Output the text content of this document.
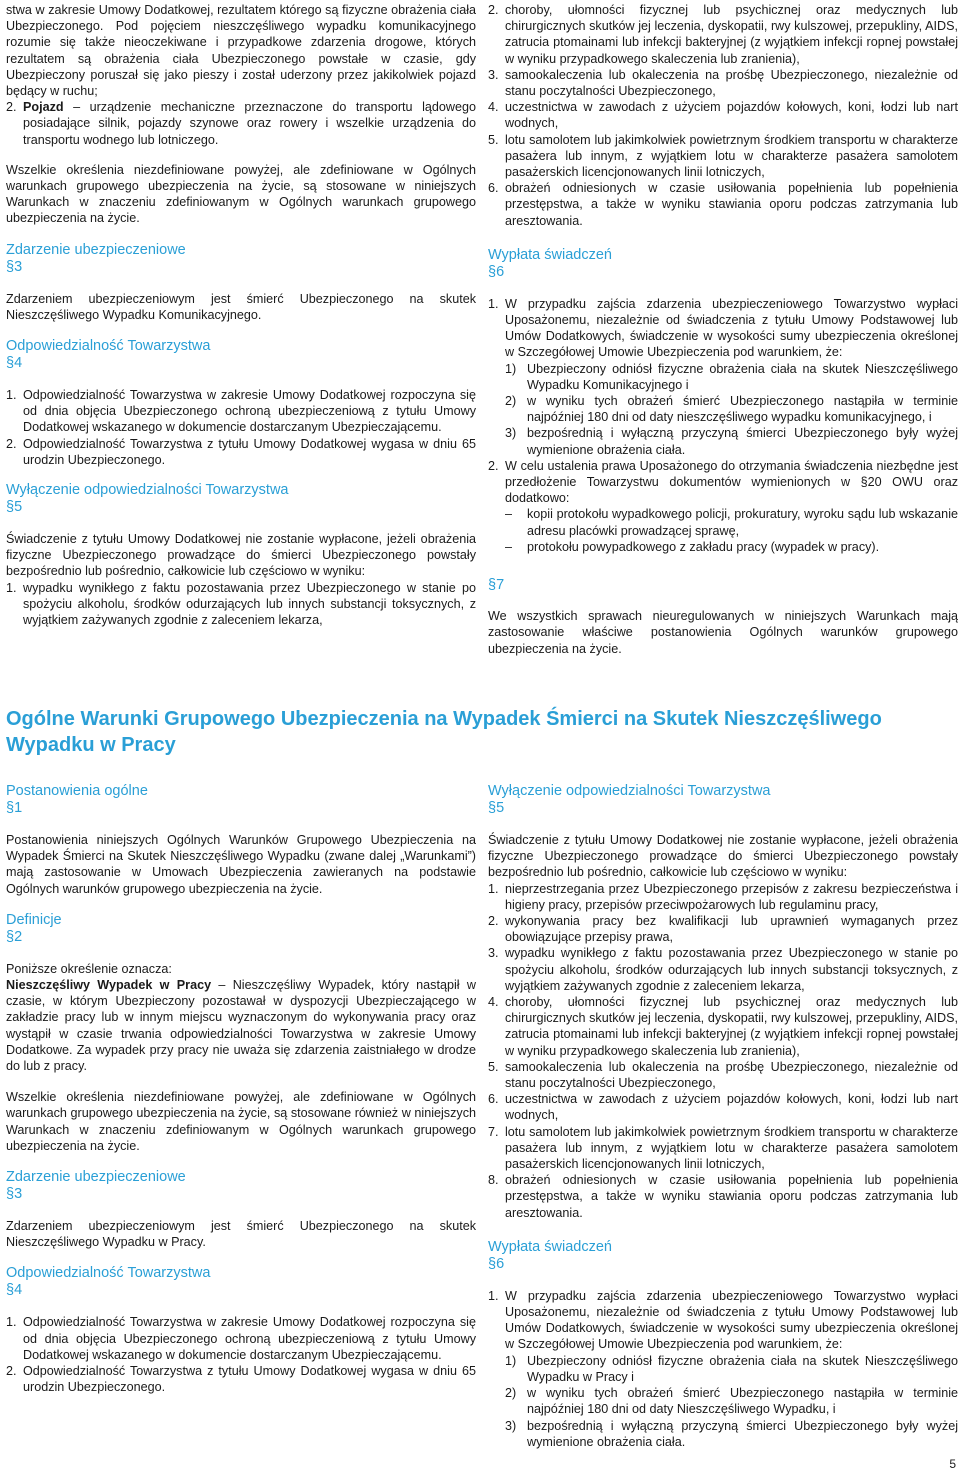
stwa w zakresie Umowy Dodatkowej, rezultatem którego są fizyczne obrażenia ciała Ubezpieczonego. Pod pojęciem nieszczęśliwego wypadku komunikacyjnego rozumie się także nieoczekiwane i przypadkowe zdarzenia drogowe, których rezultatem są obrażenia ciała Ubezpieczonego powstałe w czasie, gdy Ubezpieczony poruszał się jako pieszy i został uderzony przez jakikolwiek pojazd będący w ruchu;

2. Pojazd – urządzenie mechaniczne przeznaczone do transportu lądowego posiadające silnik, pojazdy szynowe oraz rowery i wszelkie urządzenia do transportu wodnego lub lotniczego.

Wszelkie określenia niezdefiniowane powyżej, ale zdefiniowane w Ogólnych warunkach grupowego ubezpieczenia na życie, są stosowane w niniejszych Warunkach w znaczeniu zdefiniowanym w Ogólnych warunkach grupowego ubezpieczenia na życie.

Zdarzenie ubezpieczeniowe
§3

Zdarzeniem ubezpieczeniowym jest śmierć Ubezpieczonego na skutek Nieszczęśliwego Wypadku Komunikacyjnego.

Odpowiedzialność Towarzystwa
§4
1. Odpowiedzialność Towarzystwa w zakresie Umowy Dodatkowej rozpoczyna się od dnia objęcia Ubezpieczonego ochroną ubezpieczeniową z tytułu Umowy Dodatkowej wskazanego w dokumencie dostarczanym Ubezpieczającemu.
2. Odpowiedzialność Towarzystwa z tytułu Umowy Dodatkowej wygasa w dniu 65 urodzin Ubezpieczonego.
Wyłączenie odpowiedzialności Towarzystwa
§5

Świadczenie z tytułu Umowy Dodatkowej nie zostanie wypłacone, jeżeli obrażenia fizyczne Ubezpieczonego prowadzące do śmierci Ubezpieczonego powstały bezpośrednio lub pośrednio, całkowicie lub częściowo w wyniku:

1. wypadku wynikłego z faktu pozostawania przez Ubezpieczonego w stanie po spożyciu alkoholu, środków odurzających lub innych substancji toksycznych, z wyjątkiem zażywanych zgodnie z zaleceniem lekarza,
2. choroby, ułomności fizycznej lub psychicznej oraz medycznych lub chirurgicznych skutków jej leczenia, dyskopatii, rwy kulszowej, przepukliny, AIDS, zatrucia ptomainami lub infekcji bakteryjnej (z wyjątkiem infekcji ropnej powstałej w wyniku przypadkowego skaleczenia lub zranienia),
3. samookaleczenia lub okaleczenia na prośbę Ubezpieczonego, niezależnie od stanu poczytalności Ubezpieczonego,
4. uczestnictwa w zawodach z użyciem pojazdów kołowych, koni, łodzi lub nart wodnych,
5. lotu samolotem lub jakimkolwiek powietrznym środkiem transportu w charakterze pasażera lub innym, z wyjątkiem lotu w charakterze pasażera samolotem pasażerskich licencjonowanych linii lotniczych,
6. obrażeń odniesionych w czasie usiłowania popełnienia lub popełnienia przestępstwa, a także w wyniku stawiania oporu podczas zatrzymania lub aresztowania.
Wypłata świadczeń
§6
1. W przypadku zajścia zdarzenia ubezpieczeniowego Towarzystwo wypłaci Uposażonemu, niezależnie od świadczenia z tytułu Umowy Podstawowej lub Umów Dodatkowych, świadczenie w wysokości sumy ubezpieczenia określonej w Szczegółowej Umowie Ubezpieczenia pod warunkiem, że:
1) Ubezpieczony odniósł fizyczne obrażenia ciała na skutek Nieszczęśliwego Wypadku Komunikacyjnego i
2) w wyniku tych obrażeń śmierć Ubezpieczonego nastąpiła w terminie najpóźniej 180 dni od daty nieszczęśliwego wypadku komunikacyjnego, i
3) bezpośrednią i wyłączną przyczyną śmierci Ubezpieczonego były wyżej wymienione obrażenia ciała.
2. W celu ustalenia prawa Uposażonego do otrzymania świadczenia niezbędne jest przedłożenie Towarzystwu dokumentów wymienionych w §20 OWU oraz dodatkowo:
– kopii protokołu wypadkowego policji, prokuratury, wyroku sądu lub wskazanie adresu placówki prowadzącej sprawę,
– protokołu powypadkowego z zakładu pracy (wypadek w pracy).
§7

We wszystkich sprawach nieuregulowanych w niniejszych Warunkach mają zastosowanie właściwe postanowienia Ogólnych warunków grupowego ubezpieczenia na życie.

Ogólne Warunki Grupowego Ubezpieczenia na Wypadek Śmierci na Skutek Nieszczęśliwego Wypadku w Pracy
Postanowienia ogólne
§1

Postanowienia niniejszych Ogólnych Warunków Grupowego Ubezpieczenia na Wypadek Śmierci na Skutek Nieszczęśliwego Wypadku (zwane dalej „Warunkami”) mają zastosowanie w Umowach Ubezpieczenia zawieranych na podstawie Ogólnych warunków grupowego ubezpieczenia na życie.

Definicje
§2

Poniższe określenie oznacza:

Nieszczęśliwy Wypadek w Pracy – Nieszczęśliwy Wypadek, który nastąpił w czasie, w którym Ubezpieczony pozostawał w dyspozycji Ubezpieczającego w zakładzie pracy lub w innym miejscu wyznaczonym do wykonywania pracy oraz wystąpił w czasie trwania odpowiedzialności Towarzystwa w zakresie Umowy Dodatkowe. Za wypadek przy pracy nie uważa się zdarzenia zaistniałego w drodze do lub z pracy.

Wszelkie określenia niezdefiniowane powyżej, ale zdefiniowane w Ogólnych warunkach grupowego ubezpieczenia na życie, są stosowane również w niniejszych Warunkach w znaczeniu zdefiniowanym w Ogólnych warunkach grupowego ubezpieczenia na życie.

Zdarzenie ubezpieczeniowe
§3

Zdarzeniem ubezpieczeniowym jest śmierć Ubezpieczonego na skutek Nieszczęśliwego Wypadku w Pracy.

Odpowiedzialność Towarzystwa
§4
1. Odpowiedzialność Towarzystwa w zakresie Umowy Dodatkowej rozpoczyna się od dnia objęcia Ubezpieczonego ochroną ubezpieczeniową z tytułu Umowy Dodatkowej wskazanego w dokumencie dostarczanym Ubezpieczającemu.
2. Odpowiedzialność Towarzystwa z tytułu Umowy Dodatkowej wygasa w dniu 65 urodzin Ubezpieczonego.
Wyłączenie odpowiedzialności Towarzystwa
§5

Świadczenie z tytułu Umowy Dodatkowej nie zostanie wypłacone, jeżeli obrażenia fizyczne Ubezpieczonego prowadzące do śmierci Ubezpieczonego powstały bezpośrednio lub pośrednio, całkowicie lub częściowo w wyniku:

1. nieprzestrzegania przez Ubezpieczonego przepisów z zakresu bezpieczeństwa i higieny pracy, przepisów przeciwpożarowych lub regulaminu pracy,
2. wykonywania pracy bez kwalifikacji lub uprawnień wymaganych przez obowiązujące przepisy prawa,
3. wypadku wynikłego z faktu pozostawania przez Ubezpieczonego w stanie po spożyciu alkoholu, środków odurzających lub innych substancji toksycznych, z wyjątkiem zażywanych zgodnie z zaleceniem lekarza,
4. choroby, ułomności fizycznej lub psychicznej oraz medycznych lub chirurgicznych skutków jej leczenia, dyskopatii, rwy kulszowej, przepukliny, AIDS, zatrucia ptomainami lub infekcji bakteryjnej (z wyjątkiem infekcji ropnej powstałej w wyniku przypadkowego skaleczenia lub zranienia),
5. samookaleczenia lub okaleczenia na prośbę Ubezpieczonego, niezależnie od stanu poczytalności Ubezpieczonego,
6. uczestnictwa w zawodach z użyciem pojazdów kołowych, koni, łodzi lub nart wodnych,
7. lotu samolotem lub jakimkolwiek powietrznym środkiem transportu w charakterze pasażera lub innym, z wyjątkiem lotu w charakterze pasażera samolotem pasażerskich licencjonowanych linii lotniczych,
8. obrażeń odniesionych w czasie usiłowania popełnienia lub popełnienia przestępstwa, a także w wyniku stawiania oporu podczas zatrzymania lub aresztowania.
Wypłata świadczeń
§6
1. W przypadku zajścia zdarzenia ubezpieczeniowego Towarzystwo wypłaci Uposażonemu, niezależnie od świadczenia z tytułu Umowy Podstawowej lub Umów Dodatkowych, świadczenie w wysokości sumy ubezpieczenia określonej w Szczegółowej Umowie Ubezpieczenia pod warunkiem, że:
1) Ubezpieczony odniósł fizyczne obrażenia ciała na skutek Nieszczęśliwego Wypadku w Pracy i
2) w wyniku tych obrażeń śmierć Ubezpieczonego nastąpiła w terminie najpóźniej 180 dni od daty Nieszczęśliwego Wypadku, i
3) bezpośrednią i wyłączną przyczyną śmierci Ubezpieczonego były wyżej wymienione obrażenia ciała.
5
